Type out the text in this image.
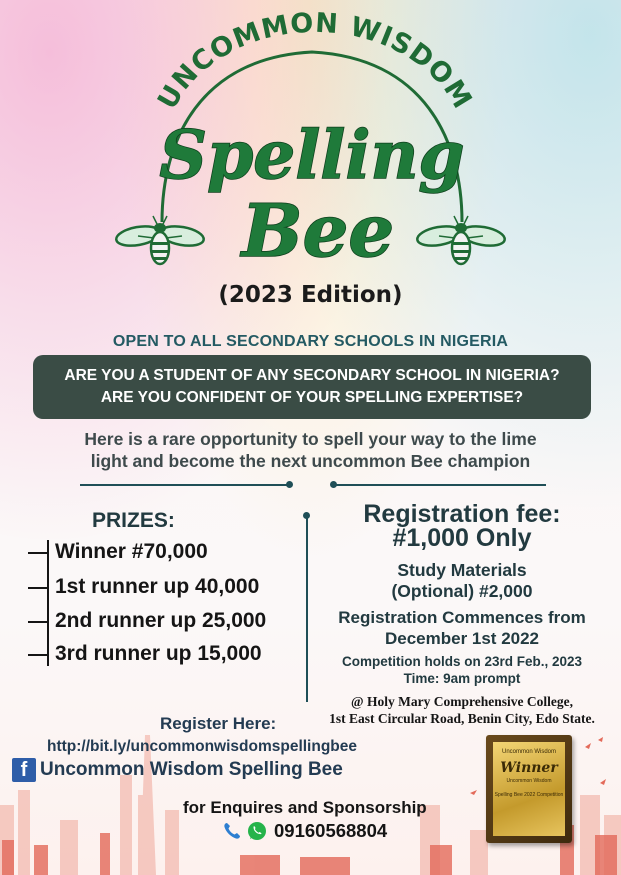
UNCOMMON WISDOM
Spelling
Bee
(2023 Edition)
OPEN TO ALL SECONDARY SCHOOLS IN NIGERIA
ARE YOU A STUDENT OF ANY SECONDARY SCHOOL IN NIGERIA?
ARE YOU CONFIDENT OF YOUR SPELLING EXPERTISE?
Here is a rare opportunity to spell your way to the lime
light and become the next uncommon Bee champion
PRIZES:
Winner #70,000
1st runner up 40,000
2nd runner up 25,000
3rd runner up 15,000
Registration fee:
#1,000 Only
Study Materials
(Optional) #2,000
Registration Commences from
December 1st 2022
Competition holds on 23rd Feb., 2023
Time: 9am prompt
@ Holy Mary Comprehensive College,
1st East Circular Road, Benin City, Edo State.
Register Here:
http://bit.ly/uncommonwisdomspellingbee
f Uncommon Wisdom Spelling Bee
for Enquires and Sponsorship
09160568804
Uncommon Wisdom
Winner
Uncommon Wisdom
Spelling Bee 2022 Competition
